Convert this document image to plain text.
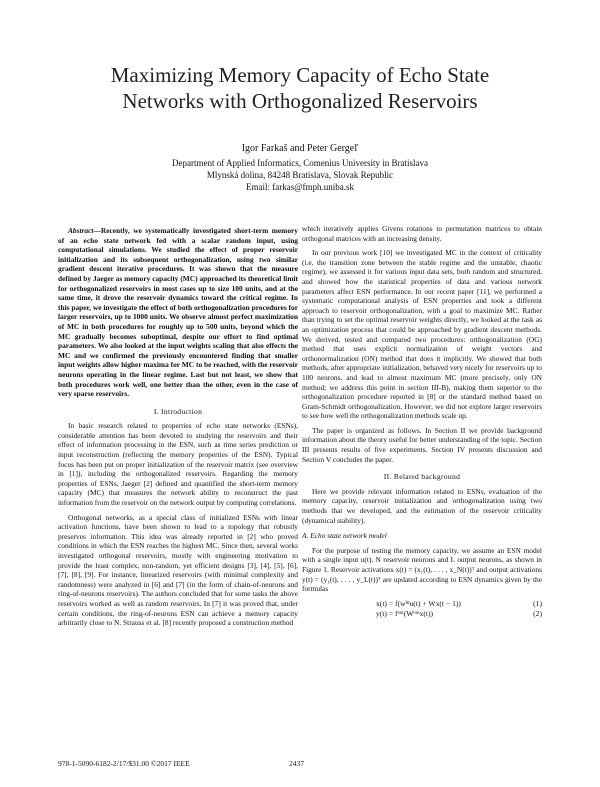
Maximizing Memory Capacity of Echo State
Networks with Orthogonalized Reservoirs
Igor Farkaš and Peter Gergeľ
Department of Applied Informatics, Comenius University in Bratislava
Mlynská dolina, 84248 Bratislava, Slovak Republic
Email: farkas@fmph.uniba.sk

Abstract—Recently, we systematically investigated short-term memory of an echo state network fed with a scalar random input, using computational simulations. We studied the effect of proper reservoir initialization and its subsequent orthogonalization, using two similar gradient descent iterative procedures. It was shown that the measure defined by Jaeger as memory capacity (MC) approached its theoretical limit for orthogonalized reservoirs in most cases up to size 100 units, and at the same time, it drove the reservoir dynamics toward the critical regime. In this paper, we investigate the effect of both orthogonalization procedures for larger reservoirs, up to 1000 units. We observe almost perfect maximization of MC in both procedures for roughly up to 500 units, beyond which the MC gradually becomes suboptimal, despite our effort to find optimal parameters. We also looked at the input weights scaling that also effects the MC and we confirmed the previously encountered finding that smaller input weights allow higher maxima for MC to be reached, with the reservoir neurons operating in the linear regime. Last but not least, we show that both procedures work well, one better than the other, even in the case of very sparse reservoirs.

I. Introduction

In basic research related to properties of echo state networks (ESNs), considerable attention has been devoted to studying the reservoirs and their effect of information processing in the ESN, such as time series prediction or input reconstruction (reflecting the memory properties of the ESN). Typical focus has been put on proper initialization of the reservoir matrix (see overview in [1]), including the orthogonalized reservoirs. Regarding the memory properties of ESNs, Jaeger [2] defined and quantified the short-term memory capacity (MC) that measures the network ability to reconstruct the past information from the reservoir on the network output by computing correlations.

Orthogonal networks, as a special class of initialized ESNs with linear activation functions, have been shown to lead to a topology that robustly preserves information. This idea was already reported in [2] who proved conditions in which the ESN reaches the highest MC. Since then, several works investigated orthogonal reservoirs, mostly with engineering motivation to provide the least complex, non-random, yet efficient designs [3], [4], [5], [6], [7], [8], [9]. For instance, linearized reservoirs (with minimal complexity and randomness) were analyzed in [6] and [7] (in the form of chain-of-neurons and ring-of-neurons reservoirs). The authors concluded that for some tasks the above reservoirs worked as well as random reservoirs. In [7] it was proved that, under certain conditions, the ring-of-neurons ESN can achieve a memory capacity arbitrarily close to N. Strauss et al. [8] recently proposed a construction method

which iteratively applies Givens rotations to permutation matrices to obtain orthogonal matrices with an increasing density.

In our previous work [10] we investigated MC in the context of criticality (i.e. the transition zone between the stable regime and the unstable, chaotic regime), we assessed it for various input data sets, both random and structured, and showed how the statistical properties of data and various network parameters affect ESN performance. In our recent paper [11], we performed a systematic computational analysis of ESN properties and took a different approach to reservoir orthogonalization, with a goal to maximize MC. Rather than trying to set the optimal reservoir weights directly, we looked at the task as an optimization process that could be approached by gradient descent methods. We derived, tested and compared two procedures: orthogonalization (OG) method that uses explicit normalization of weight vectors and orthonormalization (ON) method that does it implicitly. We showed that both methods, after appropriate initialization, behaved very nicely for reservoirs up to 100 neurons, and lead to almost maximum MC (more precisely, only ON method; we address this point in section III-B), making them superior to the orthogonalization procedure reported in [8] or the standard method based on Gram-Schmidt orthogonalization. However, we did not explore larger reservoirs to see how well the orthogonalization methods scale up.

The paper is organized as follows. In Section II we provide background information about the theory useful for better understanding of the topic. Section III presents results of five experiments. Section IV presents discussion and Section V concludes the paper.

II. Related background

Here we provide relevant information related to ESNs, evaluation of the memory capacity, reservoir initialization and orthogonalization using two methods that we developed, and the estimation of the reservoir criticality (dynamical stability).

A. Echo state network model

For the purpose of testing the memory capacity, we assume an ESN model with a single input u(t), N reservoir neurons and L output neurons, as shown in Figure 1. Reservoir activations x(t) = (x₁(t), . . . , x_N(t))ᵀ and output activations y(t) = (y₁(t), . . . , y_L(t))ᵀ are updated according to ESN dynamics given by the formulas

x(t) = f(wⁱⁿu(t) + Wx(t − 1))	(1)
y(t) = fᵒᵘᵗ(Wᵒᵘᵗx(t))	(2)
978-1-5090-6182-2/17/$31.00 ©2017 IEEE	2437
